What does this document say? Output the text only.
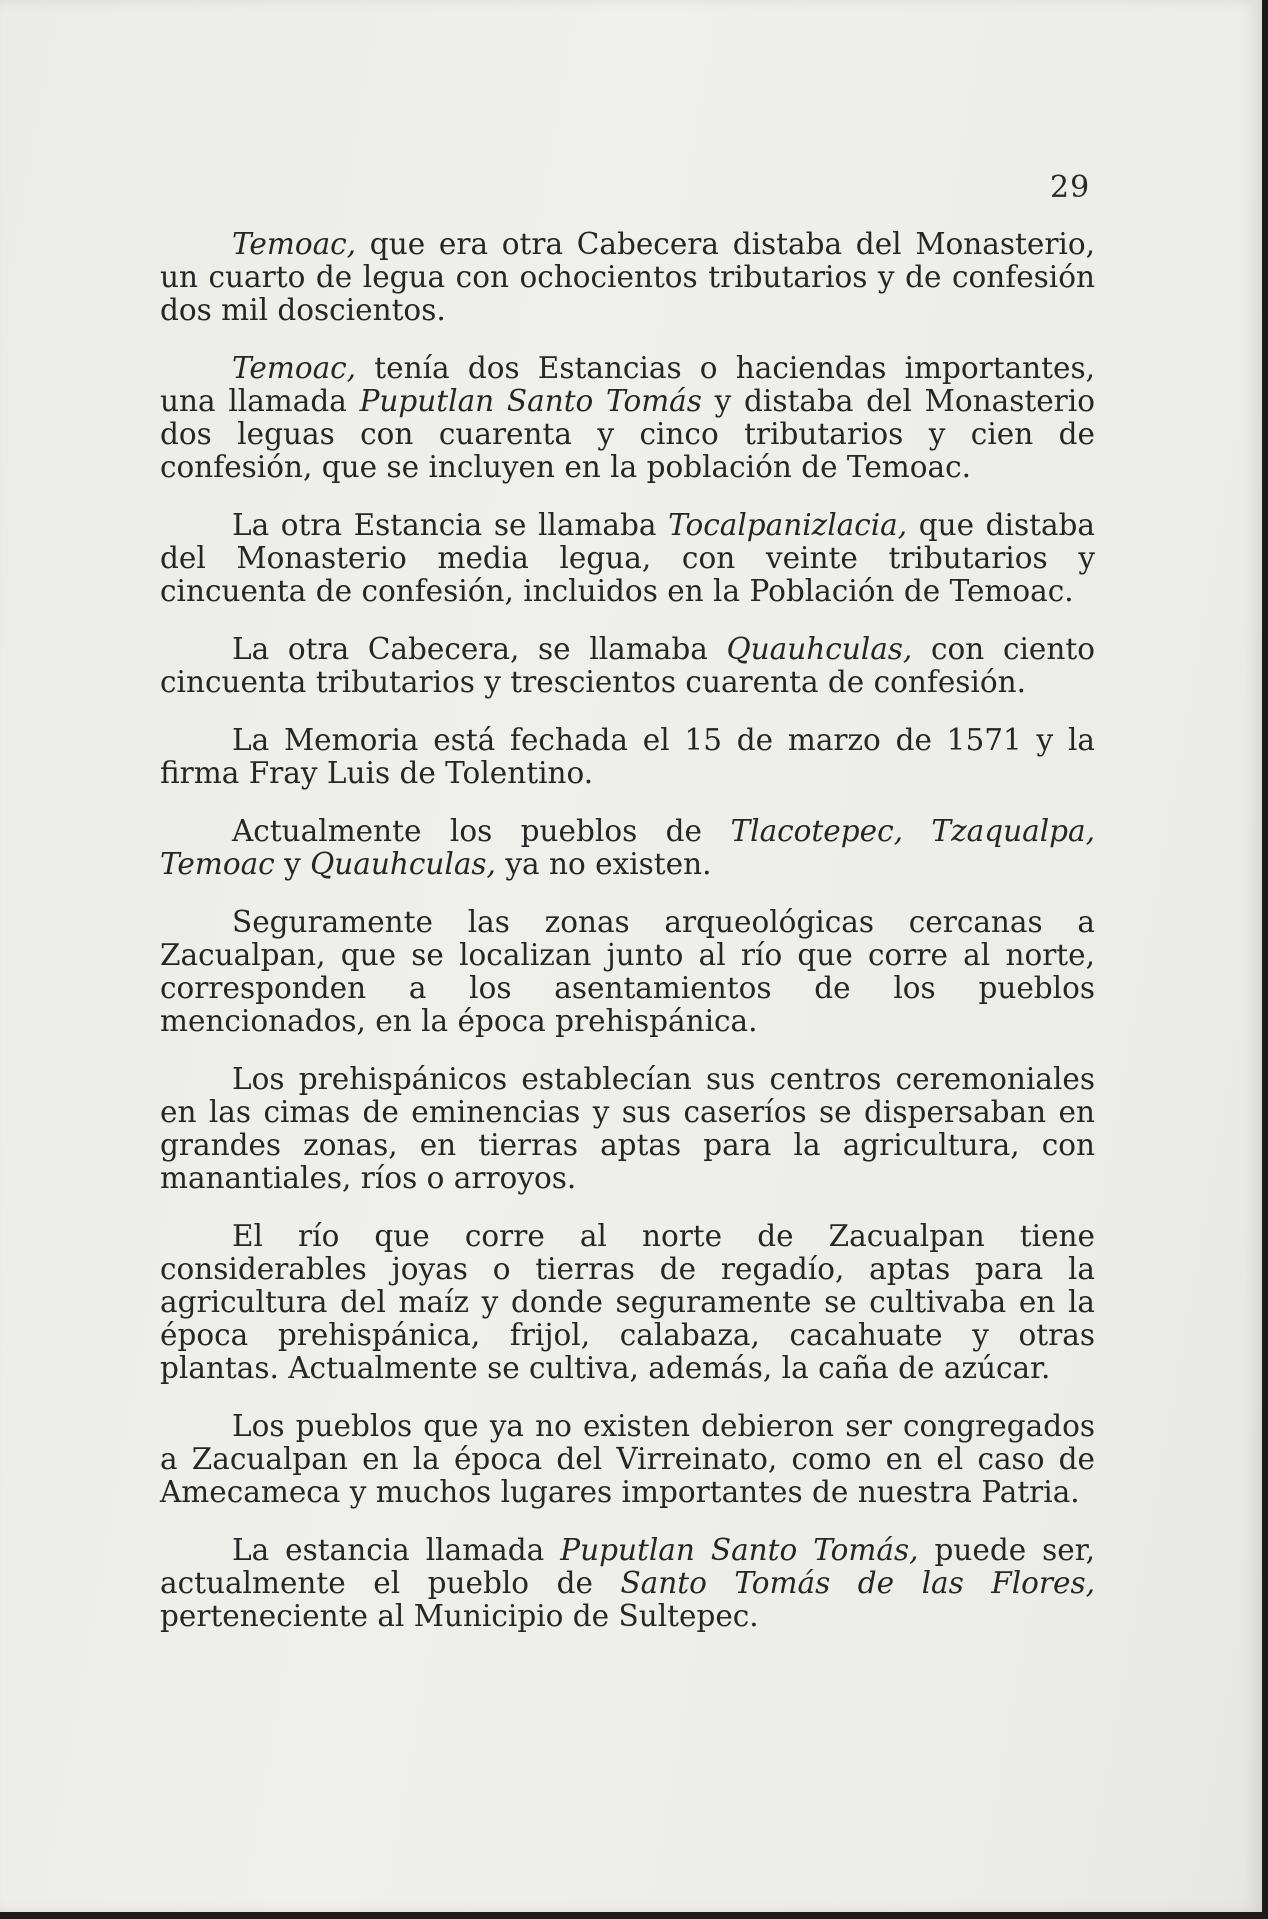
29

Temoac, que era otra Cabecera distaba del Monasterio, un cuarto de legua con ochocientos tributarios y de confesión dos mil doscientos.

Temoac, tenía dos Estancias o haciendas importantes, una llamada Puputlan Santo Tomás y distaba del Monasterio dos leguas con cuarenta y cinco tributarios y cien de confesión, que se incluyen en la población de Temoac.

La otra Estancia se llamaba Tocalpanizlacia, que distaba del Monasterio media legua, con veinte tributarios y cincuenta de confesión, incluidos en la Población de Temoac.

La otra Cabecera, se llamaba Quauhculas, con ciento cincuenta tributarios y trescientos cuarenta de confesión.

La Memoria está fechada el 15 de marzo de 1571 y la firma Fray Luis de Tolentino.

Actualmente los pueblos de Tlacotepec, Tzaqualpa, Temoac y Quauhculas, ya no existen.

Seguramente las zonas arqueológicas cercanas a Zacualpan, que se localizan junto al río que corre al norte, corresponden a los asentamientos de los pueblos mencionados, en la época prehispánica.

Los prehispánicos establecían sus centros ceremoniales en las cimas de eminencias y sus caseríos se dispersaban en grandes zonas, en tierras aptas para la agricultura, con manantiales, ríos o arroyos.

El río que corre al norte de Zacualpan tiene considerables joyas o tierras de regadío, aptas para la agricultura del maíz y donde seguramente se cultivaba en la época prehispánica, frijol, calabaza, cacahuate y otras plantas. Actualmente se cultiva, además, la caña de azúcar.

Los pueblos que ya no existen debieron ser congregados a Zacualpan en la época del Virreinato, como en el caso de Amecameca y muchos lugares importantes de nuestra Patria.

La estancia llamada Puputlan Santo Tomás, puede ser, actualmente el pueblo de Santo Tomás de las Flores, perteneciente al Municipio de Sultepec.
